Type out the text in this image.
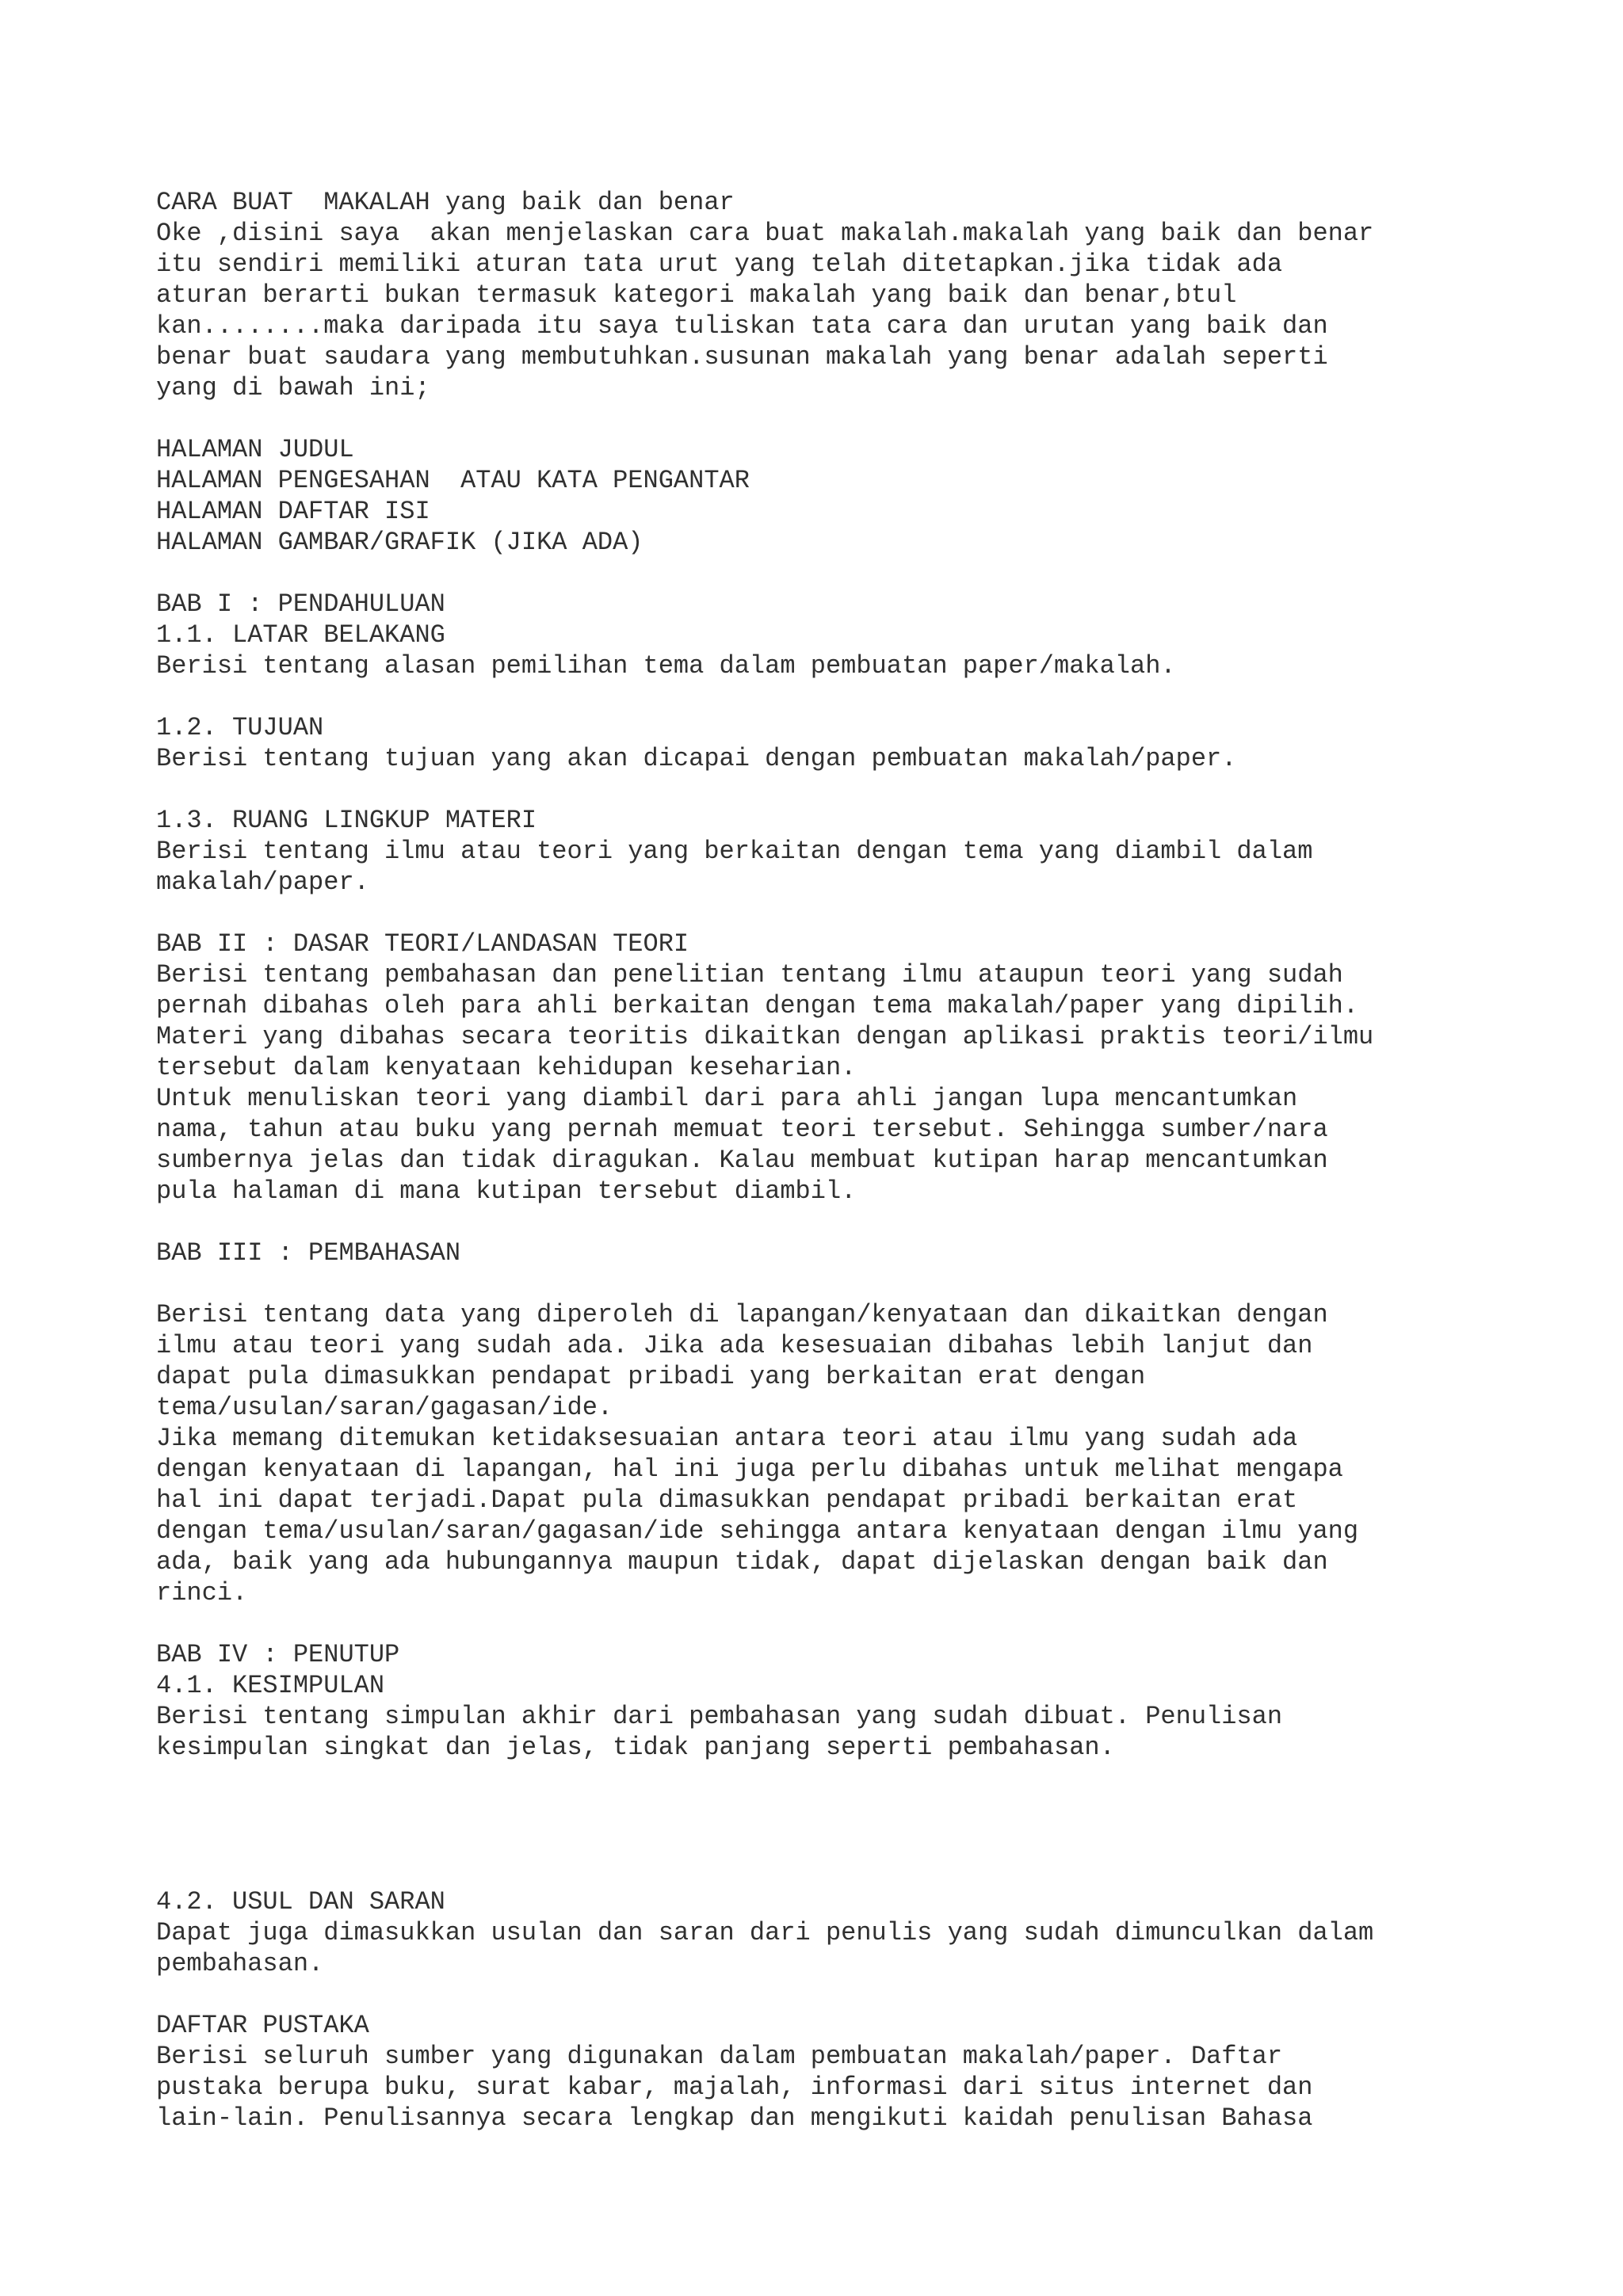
CARA BUAT  MAKALAH yang baik dan benar
Oke ,disini saya  akan menjelaskan cara buat makalah.makalah yang baik dan benar
itu sendiri memiliki aturan tata urut yang telah ditetapkan.jika tidak ada
aturan berarti bukan termasuk kategori makalah yang baik dan benar,btul
kan........maka daripada itu saya tuliskan tata cara dan urutan yang baik dan
benar buat saudara yang membutuhkan.susunan makalah yang benar adalah seperti
yang di bawah ini;

HALAMAN JUDUL
HALAMAN PENGESAHAN  ATAU KATA PENGANTAR
HALAMAN DAFTAR ISI
HALAMAN GAMBAR/GRAFIK (JIKA ADA)

BAB I : PENDAHULUAN
1.1. LATAR BELAKANG
Berisi tentang alasan pemilihan tema dalam pembuatan paper/makalah.

1.2. TUJUAN
Berisi tentang tujuan yang akan dicapai dengan pembuatan makalah/paper.

1.3. RUANG LINGKUP MATERI
Berisi tentang ilmu atau teori yang berkaitan dengan tema yang diambil dalam
makalah/paper.

BAB II : DASAR TEORI/LANDASAN TEORI
Berisi tentang pembahasan dan penelitian tentang ilmu ataupun teori yang sudah
pernah dibahas oleh para ahli berkaitan dengan tema makalah/paper yang dipilih.
Materi yang dibahas secara teoritis dikaitkan dengan aplikasi praktis teori/ilmu
tersebut dalam kenyataan kehidupan keseharian.
Untuk menuliskan teori yang diambil dari para ahli jangan lupa mencantumkan
nama, tahun atau buku yang pernah memuat teori tersebut. Sehingga sumber/nara
sumbernya jelas dan tidak diragukan. Kalau membuat kutipan harap mencantumkan
pula halaman di mana kutipan tersebut diambil.

BAB III : PEMBAHASAN

Berisi tentang data yang diperoleh di lapangan/kenyataan dan dikaitkan dengan
ilmu atau teori yang sudah ada. Jika ada kesesuaian dibahas lebih lanjut dan
dapat pula dimasukkan pendapat pribadi yang berkaitan erat dengan
tema/usulan/saran/gagasan/ide.
Jika memang ditemukan ketidaksesuaian antara teori atau ilmu yang sudah ada
dengan kenyataan di lapangan, hal ini juga perlu dibahas untuk melihat mengapa
hal ini dapat terjadi.Dapat pula dimasukkan pendapat pribadi berkaitan erat
dengan tema/usulan/saran/gagasan/ide sehingga antara kenyataan dengan ilmu yang
ada, baik yang ada hubungannya maupun tidak, dapat dijelaskan dengan baik dan
rinci.

BAB IV : PENUTUP
4.1. KESIMPULAN
Berisi tentang simpulan akhir dari pembahasan yang sudah dibuat. Penulisan
kesimpulan singkat dan jelas, tidak panjang seperti pembahasan.

4.2. USUL DAN SARAN
Dapat juga dimasukkan usulan dan saran dari penulis yang sudah dimunculkan dalam
pembahasan.

DAFTAR PUSTAKA
Berisi seluruh sumber yang digunakan dalam pembuatan makalah/paper. Daftar
pustaka berupa buku, surat kabar, majalah, informasi dari situs internet dan
lain-lain. Penulisannya secara lengkap dan mengikuti kaidah penulisan Bahasa
